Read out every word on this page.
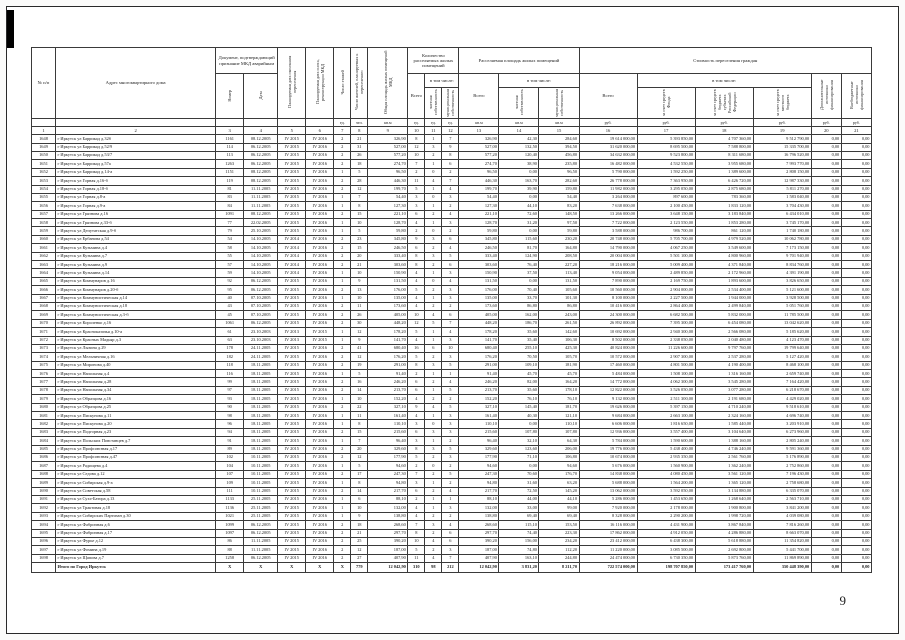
№ п/п	Адрес многоквартирного дома	Документ, подтверждающий признание МКД аварийным		Планируемая дата окончания переселения	Планируемая дата сноса, реконструкции МКД	Число этажей	Число жителей, планируемых к переселению	Общая площадь жилых помещений МКД	Количество расселяемых жилых помещений			Расселяемая площадь жилых помещений			Стоимость переселения граждан					
		Номер	Дата						Всего	в том числе:		Всего	в том числе:		Всего	в том числе:			Дополнительные источники финансирования	Внебюджетные источники финансирования
										частная собственность	муниципальная собственность		частная собственность	муниципальная собственность		за счет средств Фонда	за счет средств бюджета субъекта Российской Федерации	за счет средств местного бюджета		
						ед.	чел.	кв.м	ед.	ед.	ед.	кв.м	кв.м	кв.м	руб.	руб.	руб.	руб.	руб.	руб.
1	2	3	4	5	6	7	8	9	10	11	12	13	14	15	16	17	18	19	20	21
1648	г Иркутск ул Баррикад д.32б	1161	08.12.2005	IV 2015	IV 2016	2	21	326,90	8	1	7	326,90	42,30	284,60	19 614 000,00	5 393 850,00	4 707 360,00	9 512 790,00	0,00	0,00
1649	г Иркутск ул Баррикад д.52/9	114	06.12.2005	IV 2015	IV 2016	2	31	527,00	12	3	9	527,00	132,50	394,50	31 620 000,00	8 695 500,00	7 588 800,00	15 335 700,00	0,00	0,00
1650	г Иркутск ул Баррикад д.53/7	113	06.12.2005	IV 2015	IV 2016	2	26	577,20	10	2	8	577,20	120,40	456,80	34 632 000,00	9 523 800,00	8 311 680,00	16 796 520,00	0,00	0,00
1651	г Иркутск ул Баррикад д.57а	1263	06.12.2005	IV 2015	IV 2016	2	18	274,70	7	1	6	274,70	38,90	235,80	16 482 000,00	4 532 550,00	3 955 680,00	7 993 770,00	0,00	0,00
1652	г Иркутск ул Баррикад д.14-а	1151	08.12.2005	IV 2015	IV 2016	1	5	96,50	2	0	2	96,50	0,00	96,50	5 790 000,00	1 592 250,00	1 389 600,00	2 808 150,00	0,00	0,00
1653	г Иркутск ул Горная д.16-б	119	08.12.2005	IV 2015	IV 2016	2	28	446,30	11	4	7	446,30	163,70	282,60	26 778 000,00	7 363 950,00	6 426 720,00	12 987 330,00	0,00	0,00
1654	г Иркутск ул Горная д.18-б	81	11.11.2005	IV 2015	IV 2016	2	12	199,70	5	1	4	199,70	39,90	159,80	11 982 000,00	3 295 050,00	2 875 680,00	5 811 270,00	0,00	0,00
1655	г Иркутск ул Горная д.8-а	83	11.11.2005	IV 2015	IV 2016	1	7	54,40	3	0	3	54,40	0,00	54,40	3 264 000,00	897 600,00	783 360,00	1 583 040,00	0,00	0,00
1656	г Иркутск ул Горная д.9-а	84	11.11.2005	IV 2015	IV 2016	1	8	127,30	3	1	2	127,30	44,10	83,20	7 638 000,00	2 100 450,00	1 833 120,00	3 704 430,00	0,00	0,00
1657	г Иркутск ул Грязнова д.16	1091	08.12.2005	IV 2015	IV 2016	2	15	221,10	6	2	4	221,10	72,60	148,50	13 266 000,00	3 648 150,00	3 183 840,00	6 434 010,00	0,00	0,00
1658	г Иркутск ул Грязнова д.33-б	77	22.02.2005	IV 2015	IV 2016	1	10	128,70	4	1	3	128,70	31,20	97,50	7 722 000,00	2 123 550,00	1 853 280,00	3 745 170,00	0,00	0,00
1659	г Иркутск ул Депутатская д.9-б	79	25.10.2005	IV 2015	IV 2016	1	5	59,80	2	0	2	59,80	0,00	59,80	3 588 000,00	986 700,00	861 120,00	1 740 180,00	0,00	0,00
1660	г Иркутск ул Ербанова д.54	54	14.10.2005	IV 2014	IV 2016	2	23	345,80	9	3	6	345,80	115,60	230,20	20 748 000,00	5 705 700,00	4 979 520,00	10 062 780,00	0,00	0,00
1661	г Иркутск ул Кузьмина д.4	58	14.10.2005	IV 2014	IV 2016	2	15	246,50	6	2	4	246,50	81,70	164,80	14 790 000,00	4 067 250,00	3 549 600,00	7 173 150,00	0,00	0,00
1662	г Иркутск ул Кузьмина д.7	55	14.10.2005	IV 2014	IV 2016	2	20	333,40	8	3	5	333,40	124,90	208,50	20 004 000,00	5 501 100,00	4 800 960,00	9 701 940,00	0,00	0,00
1663	г Иркутск ул Кузьмина д.9	57	14.10.2005	IV 2014	IV 2016	2	21	303,60	8	2	6	303,60	76,40	227,20	18 216 000,00	5 009 400,00	4 371 840,00	8 834 760,00	0,00	0,00
1664	г Иркутск ул Кузьмина д.14	59	14.10.2005	IV 2014	IV 2016	1	10	150,90	4	1	3	150,90	37,50	113,40	9 054 000,00	2 489 850,00	2 172 960,00	4 391 190,00	0,00	0,00
1665	г Иркутск ул Коммунаров д.16	92	06.12.2005	IV 2015	IV 2016	1	9	131,50	4	0	4	131,50	0,00	131,50	7 890 000,00	2 169 750,00	1 893 600,00	3 826 650,00	0,00	0,00
1666	г Иркутск ул Коммунаров д.20-б	95	06.12.2005	IV 2015	IV 2016	2	13	176,00	5	2	3	176,00	70,40	105,60	10 560 000,00	2 904 000,00	2 534 400,00	5 121 600,00	0,00	0,00
1667	г Иркутск ул Коммунистическая д.14	40	07.10.2005	IV 2015	IV 2016	1	10	135,00	4	1	3	135,00	33,70	101,30	8 100 000,00	2 227 500,00	1 944 000,00	3 928 500,00	0,00	0,00
1668	г Иркутск ул Коммунистическая д.18	43	07.10.2005	IV 2015	IV 2016	2	11	173,60	4	2	2	173,60	86,80	86,80	10 416 000,00	2 864 400,00	2 499 840,00	5 051 760,00	0,00	0,00
1669	г Иркутск ул Коммунистическая д.3-б	45	07.10.2005	IV 2015	IV 2016	2	26	405,00	10	4	6	405,00	162,00	243,00	24 300 000,00	6 682 500,00	5 832 000,00	11 785 500,00	0,00	0,00
1670	г Иркутск ул Короленко д.16	1061	06.12.2005	IV 2015	IV 2016	2	30	448,20	12	5	7	448,20	186,70	261,50	26 892 000,00	7 395 300,00	6 454 080,00	13 042 620,00	0,00	0,00
1671	г Иркутск ул Красноказачья д.10-а	61	23.10.2003	IV 2013	IV 2015	1	12	178,20	5	1	4	178,20	35,60	142,60	10 692 000,00	2 940 300,00	2 566 080,00	5 185 620,00	0,00	0,00
1672	г Иркутск ул Красных Мадьяр д.3	63	23.10.2003	IV 2013	IV 2015	1	9	141,70	4	1	3	141,70	35,40	106,30	8 502 000,00	2 338 050,00	2 040 480,00	4 123 470,00	0,00	0,00
1673	г Иркутск ул Лызина д.29	178	24.11.2005	IV 2015	IV 2016	2	41	680,40	16	6	10	680,40	255,10	425,30	40 824 000,00	11 226 600,00	9 797 760,00	19 799 640,00	0,00	0,00
1674	г Иркутск ул Мельничная д.16	182	24.11.2005	IV 2015	IV 2016	2	12	176,20	5	2	3	176,20	70,50	105,70	10 572 000,00	2 907 300,00	2 537 280,00	5 127 420,00	0,00	0,00
1675	г Иркутск ул Миронова д.40	118	18.11.2005	IV 2015	IV 2016	2	19	291,00	8	3	5	291,00	109,10	181,90	17 460 000,00	4 801 500,00	4 190 400,00	8 468 100,00	0,00	0,00
1676	г Иркутск ул Напольная д.4	116	18.11.2005	IV 2015	IV 2016	1	5	91,40	2	1	1	91,40	45,70	45,70	5 484 000,00	1 508 100,00	1 316 160,00	2 659 740,00	0,00	0,00
1677	г Иркутск ул Напольная д.28	99	18.11.2005	IV 2015	IV 2016	2	16	246,20	6	2	4	246,20	82,00	164,20	14 772 000,00	4 062 300,00	3 545 280,00	7 164 420,00	0,00	0,00
1678	г Иркутск ул Напольная д.34	97	18.11.2005	IV 2015	IV 2016	2	14	213,70	6	1	5	213,70	35,60	178,10	12 822 000,00	3 526 050,00	3 077 280,00	6 218 670,00	0,00	0,00
1679	г Иркутск ул Образцова д.16	93	18.11.2005	IV 2015	IV 2016	1	10	152,20	4	2	2	152,20	76,10	76,10	9 132 000,00	2 511 300,00	2 191 680,00	4 429 020,00	0,00	0,00
1680	г Иркутск ул Образцова д.25	90	18.11.2005	IV 2015	IV 2016	2	22	327,10	9	4	5	327,10	145,40	181,70	19 626 000,00	5 397 150,00	4 710 240,00	9 518 610,00	0,00	0,00
1681	г Иркутск ул Пискунова д.11	98	18.11.2005	IV 2015	IV 2016	1	11	161,40	4	1	3	161,40	40,30	121,10	9 684 000,00	2 663 100,00	2 324 160,00	4 696 740,00	0,00	0,00
1682	г Иркутск ул Пискунова д.20	96	18.11.2005	IV 2015	IV 2016	1	8	110,10	3	0	3	110,10	0,00	110,10	6 606 000,00	1 816 650,00	1 585 440,00	3 203 910,00	0,00	0,00
1683	г Иркутск ул Подгорная д.23	94	18.11.2005	IV 2015	IV 2016	2	15	215,60	6	3	3	215,60	107,80	107,80	12 936 000,00	3 557 400,00	3 104 640,00	6 273 960,00	0,00	0,00
1684	г Иркутск ул Польских Повстанцев д.7	91	18.11.2005	IV 2015	IV 2016	1	7	96,40	3	1	2	96,40	32,10	64,30	5 784 000,00	1 590 600,00	1 388 160,00	2 805 240,00	0,00	0,00
1685	г Иркутск ул Профсоюзная д.17	89	18.11.2005	IV 2015	IV 2016	2	20	329,60	8	3	5	329,60	123,60	206,00	19 776 000,00	5 438 400,00	4 746 240,00	9 591 360,00	0,00	0,00
1686	г Иркутск ул Профсоюзная д.47	102	10.11.2005	IV 2015	IV 2016	2	12	177,90	5	2	3	177,90	71,10	106,80	10 674 000,00	2 935 350,00	2 561 760,00	5 176 890,00	0,00	0,00
1687	г Иркутск ул Радищева д.4	104	10.11.2005	IV 2015	IV 2016	1	5	94,60	2	0	2	94,60	0,00	94,60	5 676 000,00	1 560 900,00	1 362 240,00	2 752 860,00	0,00	0,00
1688	г Иркутск ул Седова д.12	107	10.11.2005	IV 2015	IV 2016	2	17	247,30	7	2	5	247,30	70,60	176,70	14 838 000,00	4 080 450,00	3 561 120,00	7 196 430,00	0,00	0,00
1689	г Иркутск ул Сибирская д.9-а	109	10.11.2005	IV 2015	IV 2016	1	8	94,80	3	1	2	94,80	31,60	63,20	5 688 000,00	1 564 200,00	1 365 120,00	2 758 680,00	0,00	0,00
1690	г Иркутск ул Советская д.58	111	10.11.2005	IV 2015	IV 2016	2	14	217,70	6	2	4	217,70	72,50	145,20	13 062 000,00	3 592 050,00	3 134 880,00	6 335 070,00	0,00	0,00
1691	г Иркутск ул Сухэ-Батора д.13	1133	25.11.2005	IV 2015	IV 2016	1	6	88,10	2	1	1	88,10	44,00	44,10	5 286 000,00	1 453 650,00	1 268 640,00	2 563 710,00	0,00	0,00
1692	г Иркутск ул Трактовая д.18	1136	25.11.2005	IV 2015	IV 2016	1	10	132,00	4	1	3	132,00	33,00	99,00	7 920 000,00	2 178 000,00	1 900 800,00	3 841 200,00	0,00	0,00
1693	г Иркутск ул Сибирских Партизан д.30	1021	25.11.2005	IV 2015	IV 2016	1	9	138,80	4	2	2	138,80	69,40	69,40	8 328 000,00	2 290 200,00	1 998 720,00	4 039 080,00	0,00	0,00
1694	г Иркутск ул Фабричная д.6	1099	06.12.2005	IV 2015	IV 2016	2	18	268,60	7	3	4	268,60	115,10	153,50	16 116 000,00	4 431 900,00	3 867 840,00	7 816 260,00	0,00	0,00
1695	г Иркутск ул Фабричная д.17	1097	06.12.2005	IV 2015	IV 2016	2	21	297,70	8	2	6	297,70	74,40	223,30	17 862 000,00	4 912 050,00	4 286 880,00	8 663 070,00	0,00	0,00
1696	г Иркутск ул Фурье д.12	86	11.11.2005	IV 2015	IV 2016	2	25	390,20	10	4	6	390,20	156,00	234,20	23 412 000,00	6 438 300,00	5 618 880,00	11 354 820,00	0,00	0,00
1697	г Иркутск ул Фомина д.19	88	11.11.2005	IV 2015	IV 2016	2	12	187,00	5	2	3	187,00	74,80	112,20	11 220 000,00	3 085 500,00	2 692 800,00	5 441 700,00	0,00	0,00
1698	г Иркутск ул Щапова д.7	1258	06.12.2005	IV 2015	IV 2016	2	27	407,90	11	4	7	407,90	163,10	244,80	24 474 000,00	6 730 350,00	5 873 760,00	11 869 890,00	0,00	0,00
	Итого по Город Иркутск	X	X	X	X	X	779	12 042,90	310	98	212	12 042,90	3 831,20	8 211,70	722 574 000,00	198 707 850,00	173 417 760,00	350 448 390,00	0,00	0,00
9
